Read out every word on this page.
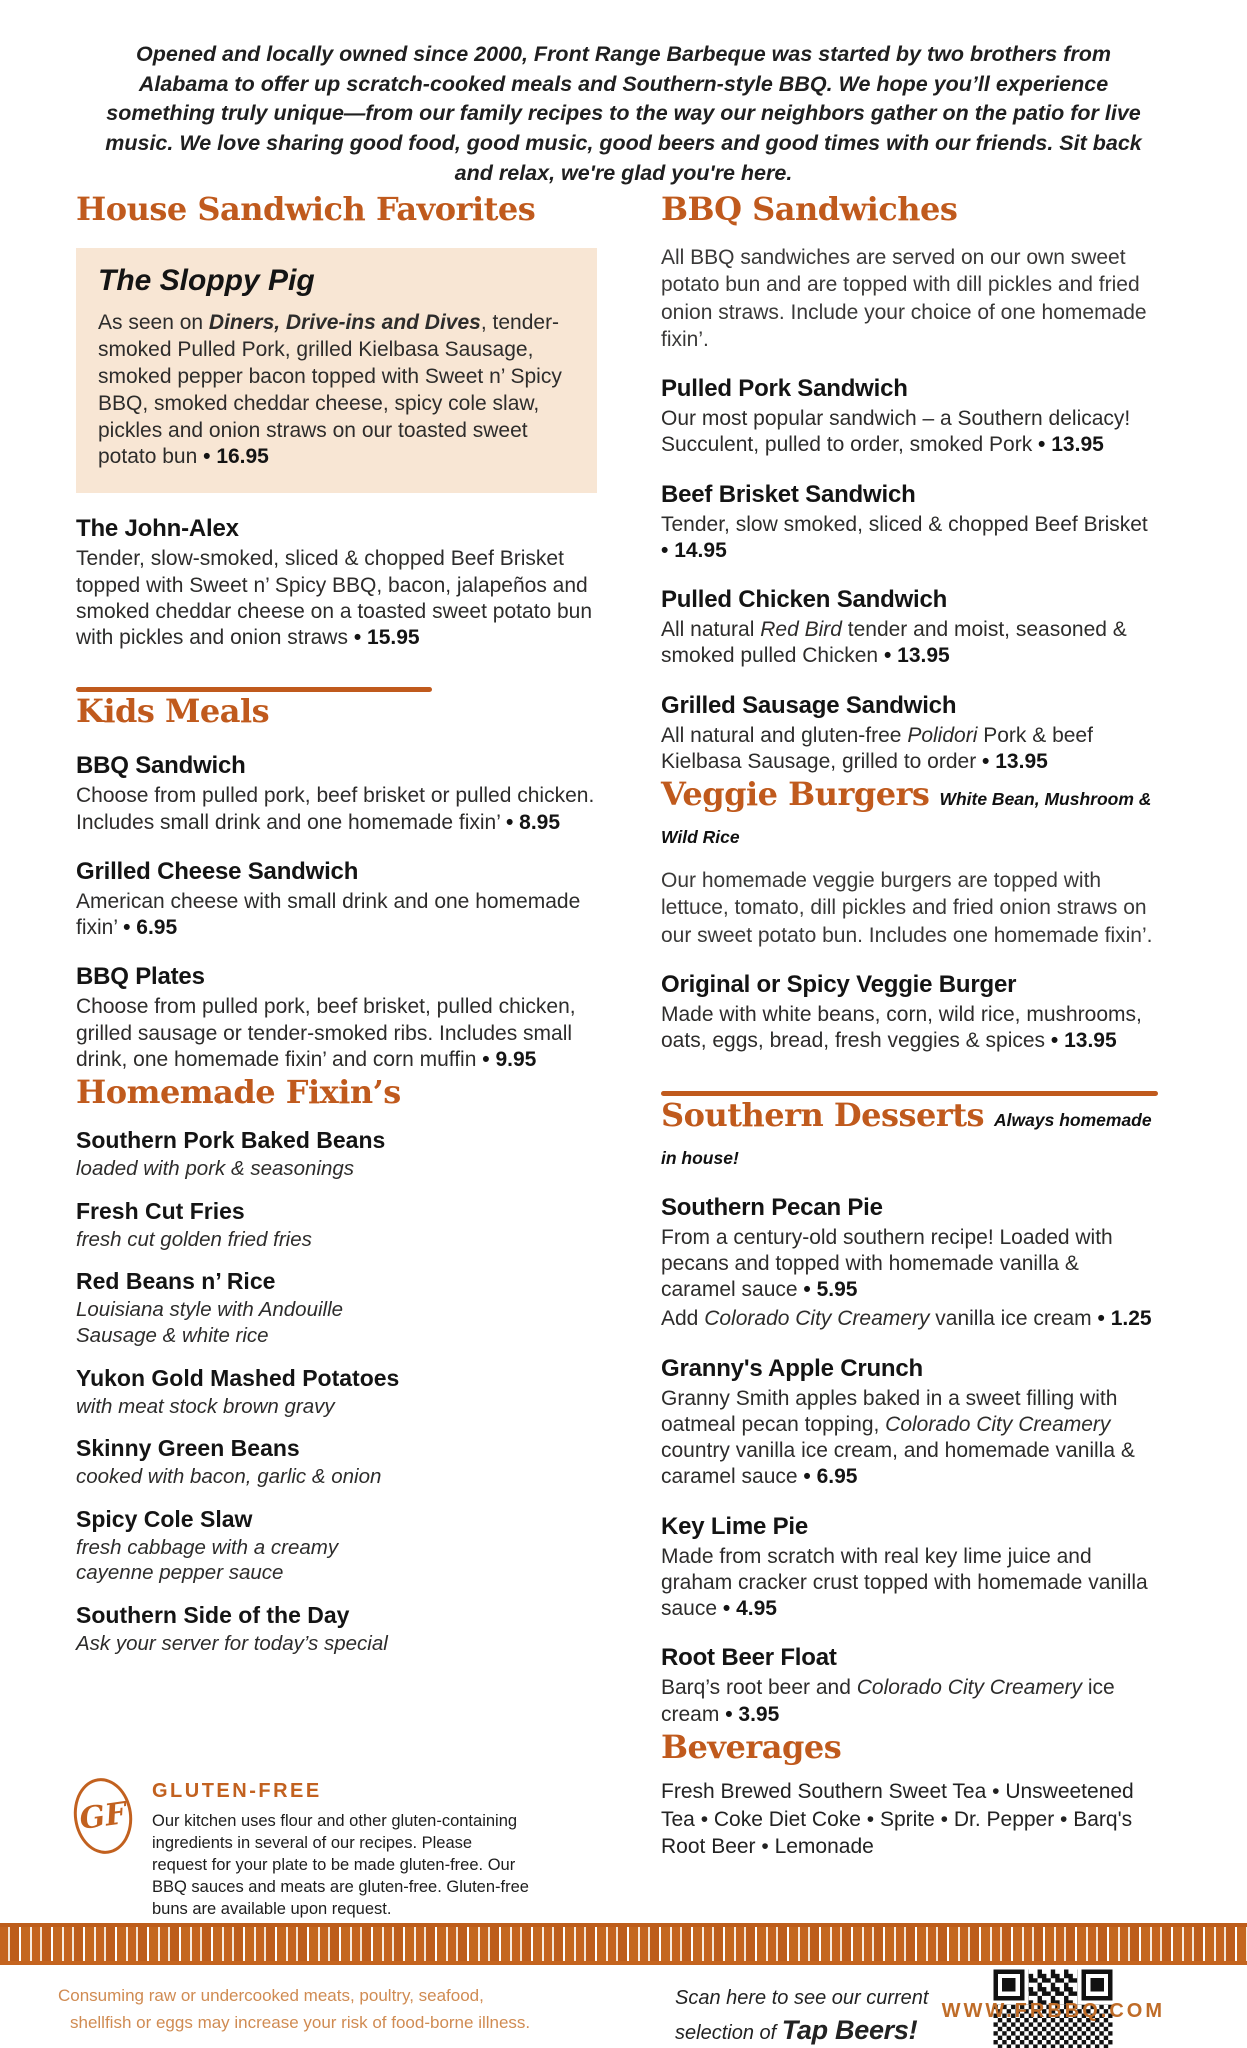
Opened and locally owned since 2000, Front Range Barbeque was started by two brothers from Alabama to offer up scratch-cooked meals and Southern-style BBQ. We hope you’ll experience something truly unique—from our family recipes to the way our neighbors gather on the patio for live music. We love sharing good food, good music, good beers and good times with our friends. Sit back and relax, we're glad you're here.

House Sandwich Favorites
The Sloppy Pig

As seen on Diners, Drive-ins and Dives, tender-smoked Pulled Pork, grilled Kielbasa Sausage, smoked pepper bacon topped with Sweet n’ Spicy BBQ, smoked cheddar cheese, spicy cole slaw, pickles and onion straws on our toasted sweet potato bun • 16.95

The John-Alex

Tender, slow-smoked, sliced & chopped Beef Brisket topped with Sweet n’ Spicy BBQ, bacon, jalapeños and smoked cheddar cheese on a toasted sweet potato bun with pickles and onion straws • 15.95

Kids Meals
BBQ Sandwich

Choose from pulled pork, beef brisket or pulled chicken. Includes small drink and one homemade fixin’ • 8.95

Grilled Cheese Sandwich

American cheese with small drink and one homemade fixin’ • 6.95

BBQ Plates

Choose from pulled pork, beef brisket, pulled chicken, grilled sausage or tender-smoked ribs. Includes small drink, one homemade fixin’ and corn muffin • 9.95

Homemade Fixin’s
Southern Pork Baked Beans

loaded with pork & seasonings

Fresh Cut Fries

fresh cut golden fried fries

Red Beans n’ Rice

Louisiana style with Andouille Sausage & white rice

Yukon Gold Mashed Potatoes

with meat stock brown gravy

Skinny Green Beans

cooked with bacon, garlic & onion

Spicy Cole Slaw

fresh cabbage with a creamy cayenne pepper sauce

Southern Side of the Day

Ask your server for today’s special

BBQ Sandwiches

All BBQ sandwiches are served on our own sweet potato bun and are topped with dill pickles and fried onion straws. Include your choice of one homemade fixin’.

Pulled Pork Sandwich

Our most popular sandwich – a Southern delicacy! Succulent, pulled to order, smoked Pork • 13.95

Beef Brisket Sandwich

Tender, slow smoked, sliced & chopped Beef Brisket • 14.95

Pulled Chicken Sandwich

All natural Red Bird tender and moist, seasoned & smoked pulled Chicken • 13.95

Grilled Sausage Sandwich

All natural and gluten-free Polidori Pork & beef Kielbasa Sausage, grilled to order • 13.95

Veggie Burgers White Bean, Mushroom & Wild Rice

Our homemade veggie burgers are topped with lettuce, tomato, dill pickles and fried onion straws on our sweet potato bun. Includes one homemade fixin’.

Original or Spicy Veggie Burger

Made with white beans, corn, wild rice, mushrooms, oats, eggs, bread, fresh veggies & spices • 13.95

Southern Desserts Always homemade in house!
Southern Pecan Pie

From a century-old southern recipe! Loaded with pecans and topped with homemade vanilla & caramel sauce • 5.95

Add Colorado City Creamery vanilla ice cream • 1.25

Granny's Apple Crunch

Granny Smith apples baked in a sweet filling with oatmeal pecan topping, Colorado City Creamery country vanilla ice cream, and homemade vanilla & caramel sauce • 6.95

Key Lime Pie

Made from scratch with real key lime juice and graham cracker crust topped with homemade vanilla sauce • 4.95

Root Beer Float

Barq’s root beer and Colorado City Creamery ice cream • 3.95

Beverages

Fresh Brewed Southern Sweet Tea • Unsweetened Tea • Coke Diet Coke • Sprite • Dr. Pepper • Barq's Root Beer • Lemonade

Scan here to see our current selection of Tap Beers!

GF
GLUTEN-FREE

Our kitchen uses flour and other gluten-containing ingredients in several of our recipes. Please request for your plate to be made gluten-free. Our BBQ sauces and meats are gluten-free. Gluten-free buns are available upon request.

Consuming raw or undercooked meats, poultry, seafood,
shellfish or eggs may increase your risk of food-borne illness.
WWW.FRBBQ.COM
